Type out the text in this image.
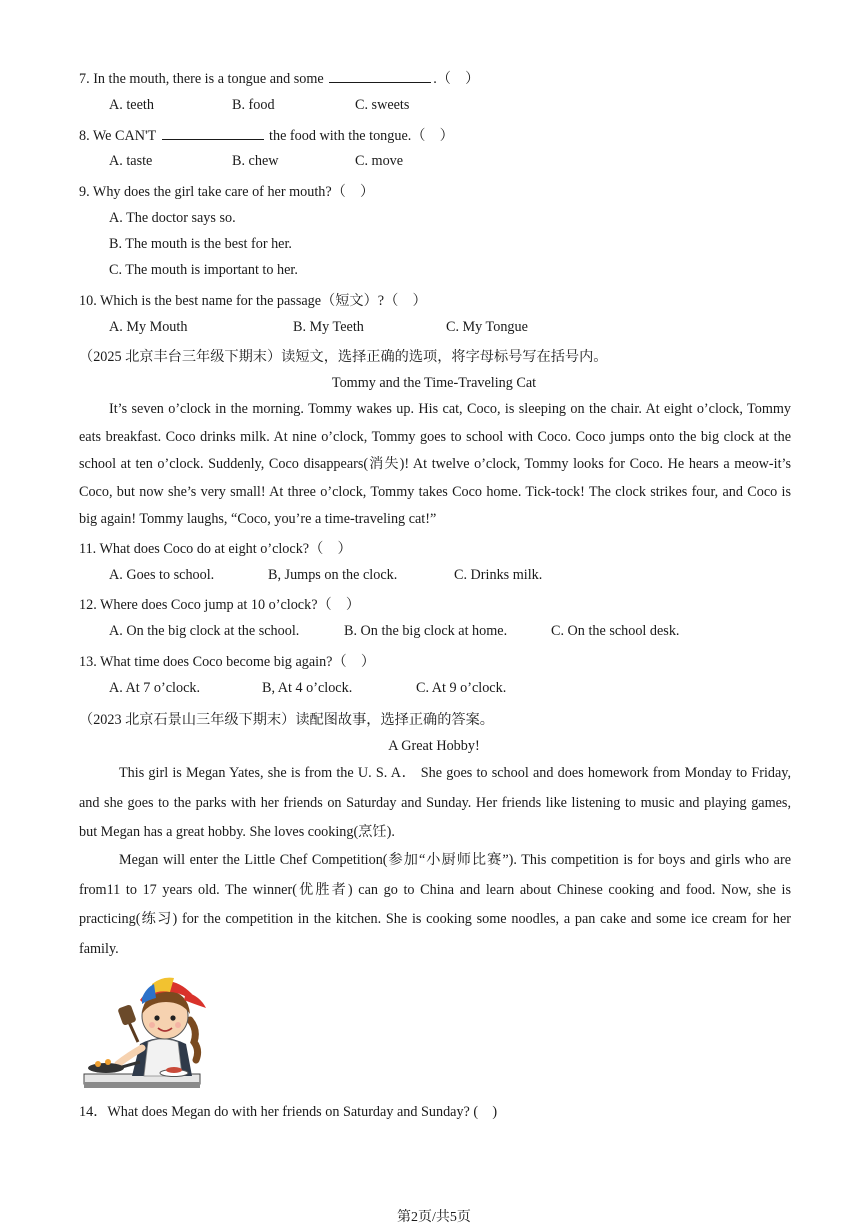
7. In the mouth, there is a tongue and some	.（　）
A. teeth	B. food	C. sweets
8. We CAN'T	the food with the tongue.（　）
A. taste	B. chew	C. move
9. Why does the girl take care of her mouth?（　）
A. The doctor says so.
B. The mouth is the best for her.
C. The mouth is important to her.
10. Which is the best name for the passage（短文）?（　）
A. My Mouth	B. My Teeth	C. My Tongue
（2025 北京丰台三年级下期末）读短文，选择正确的选项，将字母标号写在括号内。
Tommy and the Time-Traveling Cat
It’s seven o’clock in the morning. Tommy wakes up. His cat, Coco, is sleeping on the chair. At eight o’clock, Tommy eats breakfast. Coco drinks milk. At nine o’clock, Tommy goes to school with Coco. Coco jumps onto the big clock at the school at ten o’clock. Suddenly, Coco disappears(消失)! At twelve o’clock, Tommy looks for Coco. He hears a meow-it’s Coco, but now she’s very small! At three o’clock, Tommy takes Coco home. Tick-tock! The clock strikes four, and Coco is big again! Tommy laughs, “Coco, you’re a time-traveling cat!”
11. What does Coco do at eight o’clock?（　）
A. Goes to school.	B, Jumps on the clock.	C. Drinks milk.
12. Where does Coco jump at 10 o’clock?（　）
A. On the big clock at the school.	B. On the big clock at home.	C. On the school desk.
13. What time does Coco become big again?（　）
A. At 7 o’clock.	B, At 4 o’clock.	C. At 9 o’clock.
（2023 北京石景山三年级下期末）读配图故事，选择正确的答案。
A Great Hobby!
This girl is Megan Yates, she is from the U. S. A． She goes to school and does homework from Monday to Friday, and she goes to the parks with her friends on Saturday and Sunday. Her friends like listening to music and playing games, but Megan has a great hobby. She loves cooking(烹饪).
Megan will enter the Little Chef Competition(参加“小厨师比赛”). This competition is for boys and girls who are from11 to 17 years old. The winner(优胜者) can go to China and learn about Chinese cooking and food. Now, she is practicing(练习) for the competition in the kitchen. She is cooking some noodles, a pan cake and some ice cream for her family.
14．What does Megan do with her friends on Saturday and Sunday? (　)
第2页/共5页
